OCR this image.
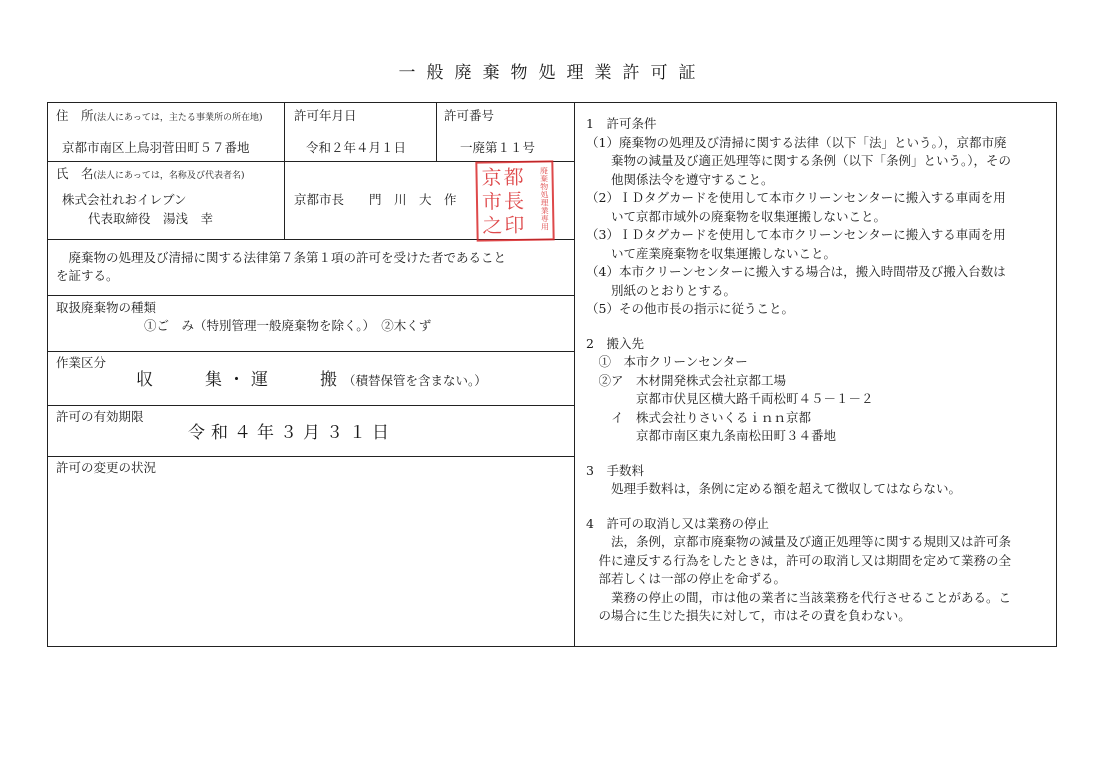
一般廃棄物処理業許可証
住　所(法人にあっては，主たる事業所の所在地)
京都市南区上鳥羽菅田町５７番地
許可年月日
令和２年４月１日
許可番号
一廃第１１号
氏　名(法人にあっては，名称及び代表者名)
株式会社れおイレブン
代表取締役　湯浅　幸
京都市長　　門　川　大　作
京都市長之印	廃棄物処理業専用
　廃棄物の処理及び清掃に関する法律第７条第１項の許可を受けた者であること
を証する。
取扱廃棄物の種類
①ご　み（特別管理一般廃棄物を除く。）　②木くず
作業区分
収　　集・運　　搬（積替保管を含まない。）
許可の有効期限
令和４年３月３１日
許可の変更の状況
1　許可条件
（1）廃棄物の処理及び清掃に関する法律（以下「法」という。），京都市廃
　　棄物の減量及び適正処理等に関する条例（以下「条例」という。），その
　　他関係法令を遵守すること。
（2）ＩＤタグカードを使用して本市クリーンセンターに搬入する車両を用
　　いて京都市域外の廃棄物を収集運搬しないこと。
（3）ＩＤタグカードを使用して本市クリーンセンターに搬入する車両を用
　　いて産業廃棄物を収集運搬しないこと。
（4）本市クリーンセンターに搬入する場合は，搬入時間帯及び搬入台数は
　　別紙のとおりとする。
（5）その他市長の指示に従うこと。
2　搬入先
　①　本市クリーンセンター
　②ア　木材開発株式会社京都工場
　　　　京都市伏見区横大路千両松町４５－１－２
　　イ　株式会社りさいくるｉｎｎ京都
　　　　京都市南区東九条南松田町３４番地
3　手数料
　　処理手数料は，条例に定める額を超えて徴収してはならない。
4　許可の取消し又は業務の停止
　　法，条例，京都市廃棄物の減量及び適正処理等に関する規則又は許可条
　件に違反する行為をしたときは，許可の取消し又は期間を定めて業務の全
　部若しくは一部の停止を命ずる。
　　業務の停止の間，市は他の業者に当該業務を代行させることがある。こ
　の場合に生じた損失に対して，市はその責を負わない。
